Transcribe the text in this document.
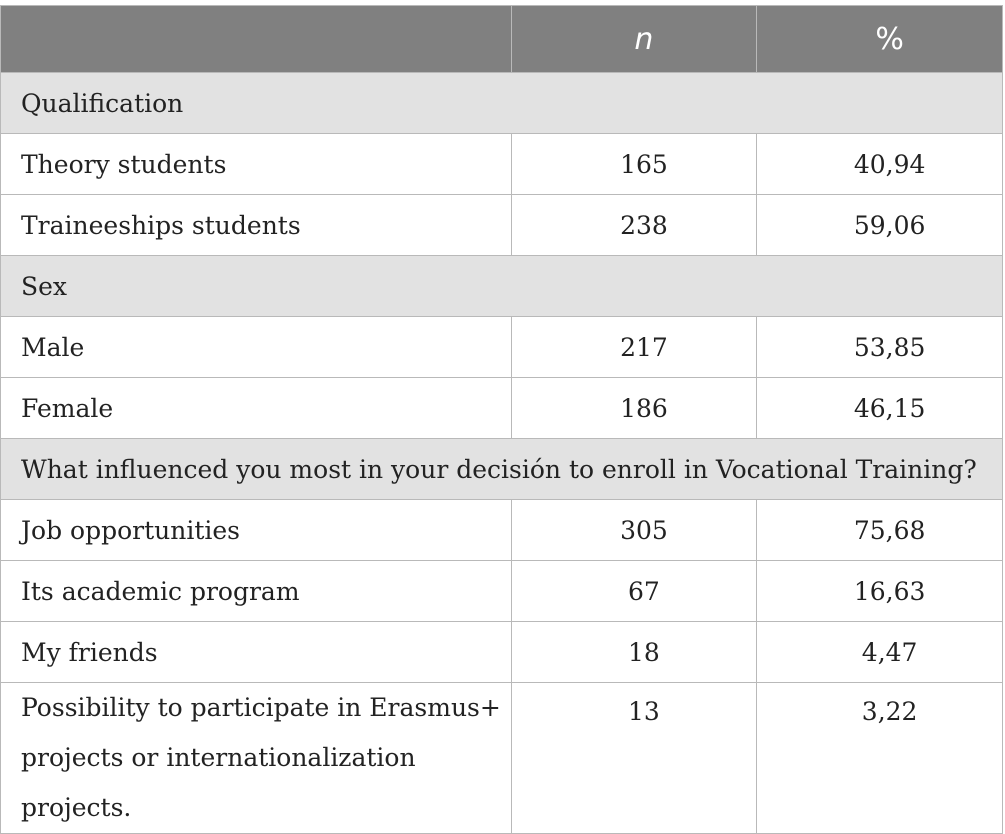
	n	%
Qualification		
Theory students	165	40,94
Traineeships students	238	59,06
Sex		
Male	217	53,85
Female	186	46,15
What influenced you most in your decisión to enroll in Vocational Training?		
Job opportunities	305	75,68
Its academic program	67	16,63
My friends	18	4,47
Possibility to participate in Erasmus+ projects or internationalization projects.	13	3,22
